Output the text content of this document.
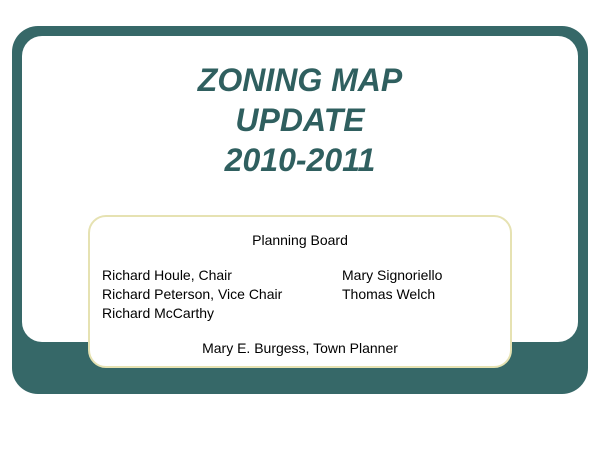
ZONING MAP
UPDATE
2010-2011
Planning Board
Richard Houle, Chair
Richard Peterson, Vice Chair
Richard McCarthy
Mary Signoriello
Thomas Welch
Mary E. Burgess, Town Planner
